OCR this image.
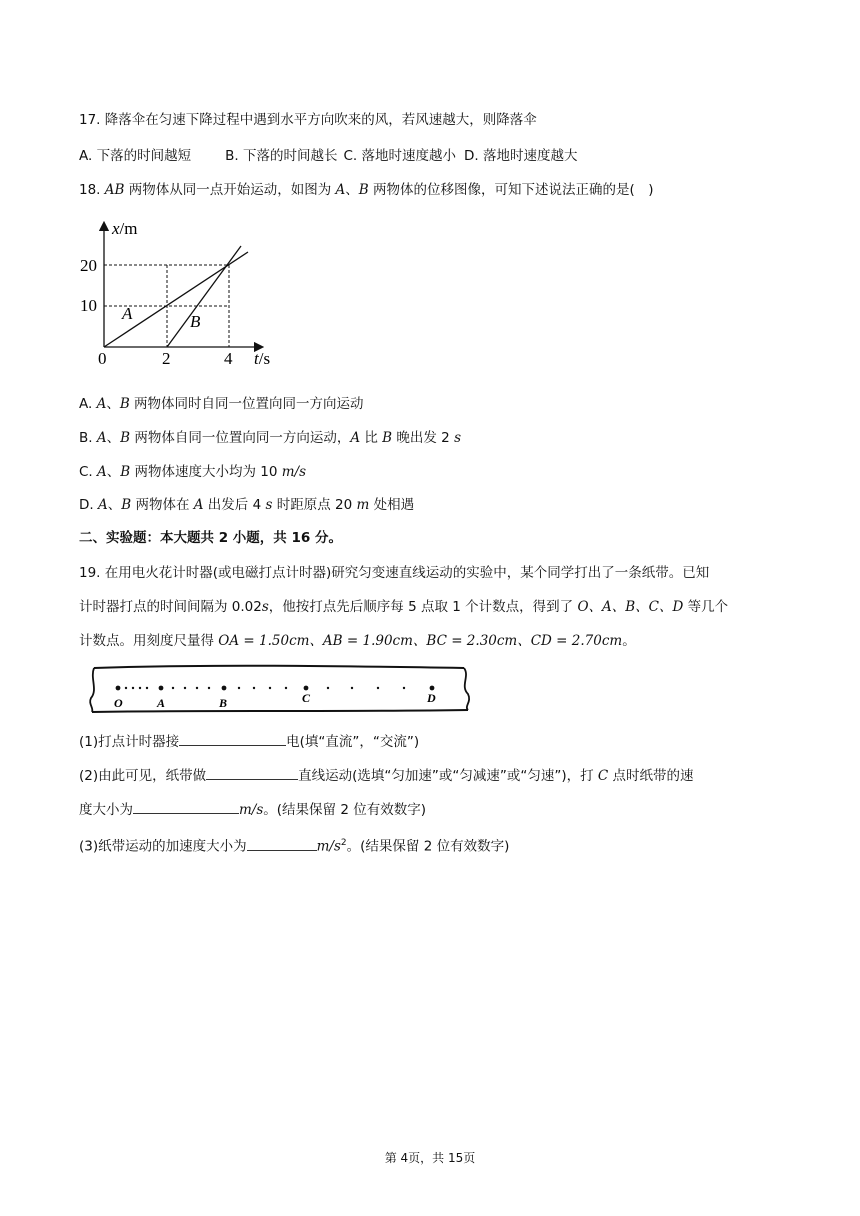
17. 降落伞在匀速下降过程中遇到水平方向吹来的风，若风速越大，则降落伞
A. 下落的时间越短	B. 下落的时间越长 C. 落地时速度越小 D. 落地时速度越大
18. AB 两物体从同一点开始运动，如图为 A、B 两物体的位移图像，可知下述说法正确的是(　)
x/m
t/s
0	2	4
20
10 A	B
A. A、B 两物体同时自同一位置向同一方向运动
B. A、B 两物体自同一位置向同一方向运动，A 比 B 晚出发 2 s
C. A、B 两物体速度大小均为 10 m/s
D. A、B 两物体在 A 出发后 4 s 时距原点 20 m 处相遇
二、实验题：本大题共 2 小题，共 16 分。
19. 在用电火花计时器(或电磁打点计时器)研究匀变速直线运动的实验中，某个同学打出了一条纸带。已知
计时器打点的时间间隔为 0.02s，他按打点先后顺序每 5 点取 1 个计数点，得到了 O、A、B、C、D 等几个
计数点。用刻度尺量得 OA = 1.50cm、AB = 1.90cm、BC = 2.30cm、CD = 2.70cm。
O	A	B	C	D
(1)打点计时器接	电(填“直流”，“交流”)
(2)由此可见，纸带做	直线运动(选填“匀加速”或“匀减速”或“匀速”)，打 C 点时纸带的速
度大小为	m/s。(结果保留 2 位有效数字)
(3)纸带运动的加速度大小为	$m/s^2$。(结果保留 2 位有效数字)
第 4页，共 15页
